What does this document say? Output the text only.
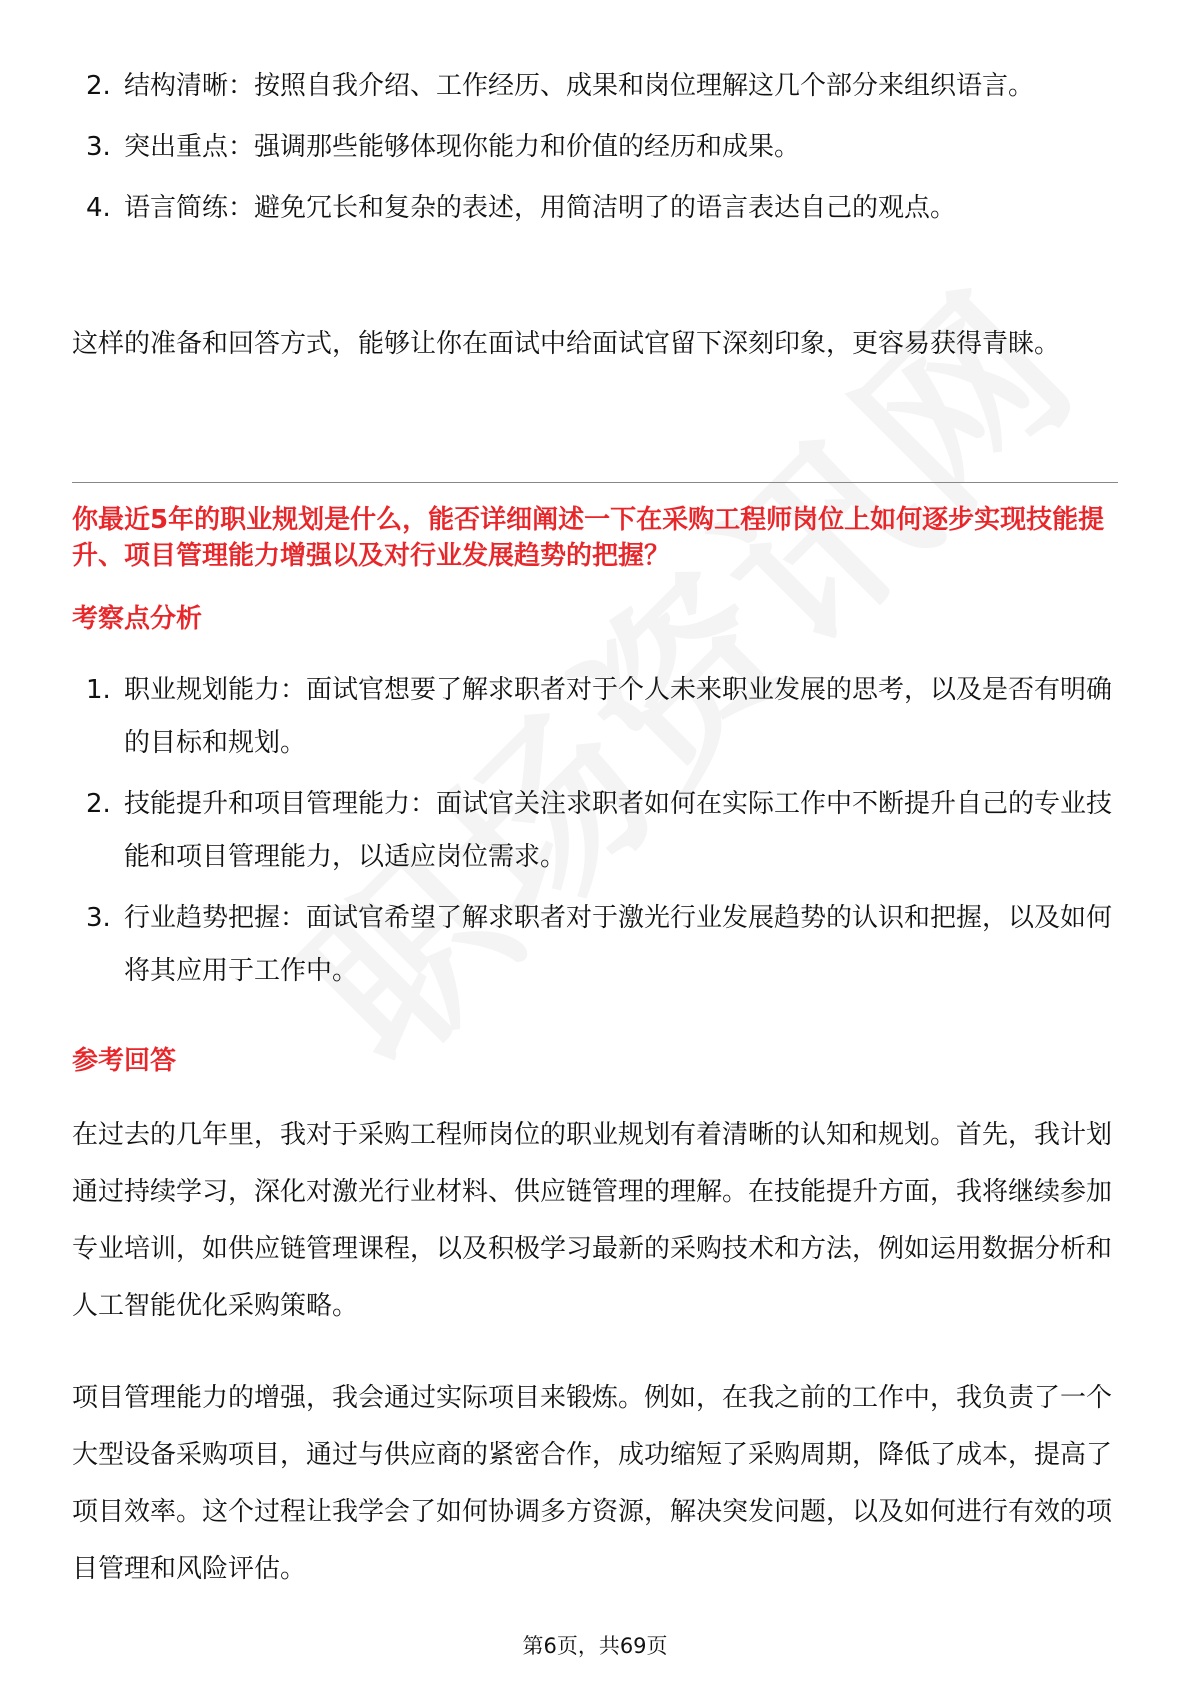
2. 结构清晰：按照自我介绍、工作经历、成果和岗位理解这几个部分来组织语言。
3. 突出重点：强调那些能够体现你能力和价值的经历和成果。
4. 语言简练：避免冗长和复杂的表述，用简洁明了的语言表达自己的观点。

这样的准备和回答方式，能够让你在面试中给面试官留下深刻印象，更容易获得青睐。

你最近5年的职业规划是什么，能否详细阐述一下在采购工程师岗位上如何逐步实现技能提升、项目管理能力增强以及对行业发展趋势的把握？

考察点分析

1. 职业规划能力：面试官想要了解求职者对于个人未来职业发展的思考，以及是否有明确的目标和规划。
2. 技能提升和项目管理能力：面试官关注求职者如何在实际工作中不断提升自己的专业技能和项目管理能力，以适应岗位需求。
3. 行业趋势把握：面试官希望了解求职者对于激光行业发展趋势的认识和把握，以及如何将其应用于工作中。

参考回答

在过去的几年里，我对于采购工程师岗位的职业规划有着清晰的认知和规划。首先，我计划通过持续学习，深化对激光行业材料、供应链管理的理解。在技能提升方面，我将继续参加专业培训，如供应链管理课程，以及积极学习最新的采购技术和方法，例如运用数据分析和人工智能优化采购策略。

项目管理能力的增强，我会通过实际项目来锻炼。例如，在我之前的工作中，我负责了一个大型设备采购项目，通过与供应商的紧密合作，成功缩短了采购周期，降低了成本，提高了项目效率。这个过程让我学会了如何协调多方资源，解决突发问题，以及如何进行有效的项目管理和风险评估。

第6页，共69页
